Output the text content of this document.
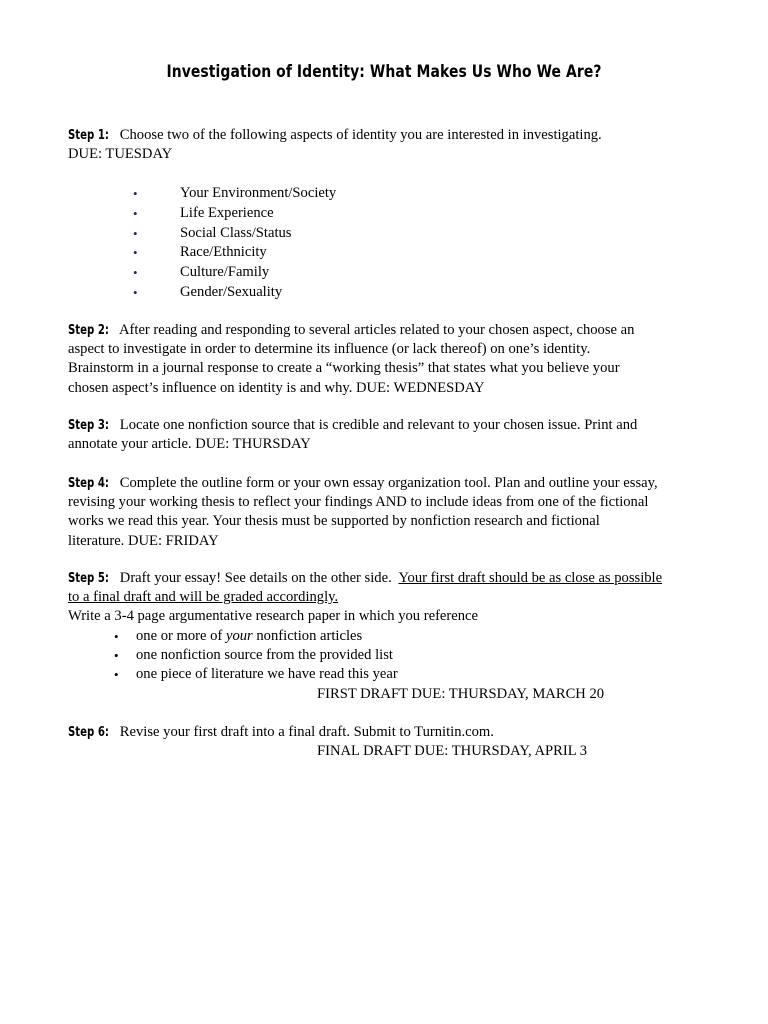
Investigation of Identity: What Makes Us Who We Are?
Step 1: Choose two of the following aspects of identity you are interested in investigating.
DUE: TUESDAY
•	Your Environment/Society
•	Life Experience
•	Social Class/Status
•	Race/Ethnicity
•	Culture/Family
•	Gender/Sexuality
Step 2: After reading and responding to several articles related to your chosen aspect, choose an
aspect to investigate in order to determine its influence (or lack thereof) on one’s identity.
Brainstorm in a journal response to create a “working thesis” that states what you believe your
chosen aspect’s influence on identity is and why. DUE: WEDNESDAY
Step 3: Locate one nonfiction source that is credible and relevant to your chosen issue. Print and
annotate your article. DUE: THURSDAY
Step 4: Complete the outline form or your own essay organization tool. Plan and outline your essay,
revising your working thesis to reflect your findings AND to include ideas from one of the fictional
works we read this year. Your thesis must be supported by nonfiction research and fictional
literature. DUE: FRIDAY
Step 5: Draft your essay! See details on the other side. Your first draft should be as close as possible
to a final draft and will be graded accordingly.
Write a 3-4 page argumentative research paper in which you reference
• one or more of your nonfiction articles
• one nonfiction source from the provided list
• one piece of literature we have read this year
FIRST DRAFT DUE: THURSDAY, MARCH 20
Step 6: Revise your first draft into a final draft. Submit to Turnitin.com.
FINAL DRAFT DUE: THURSDAY, APRIL 3
